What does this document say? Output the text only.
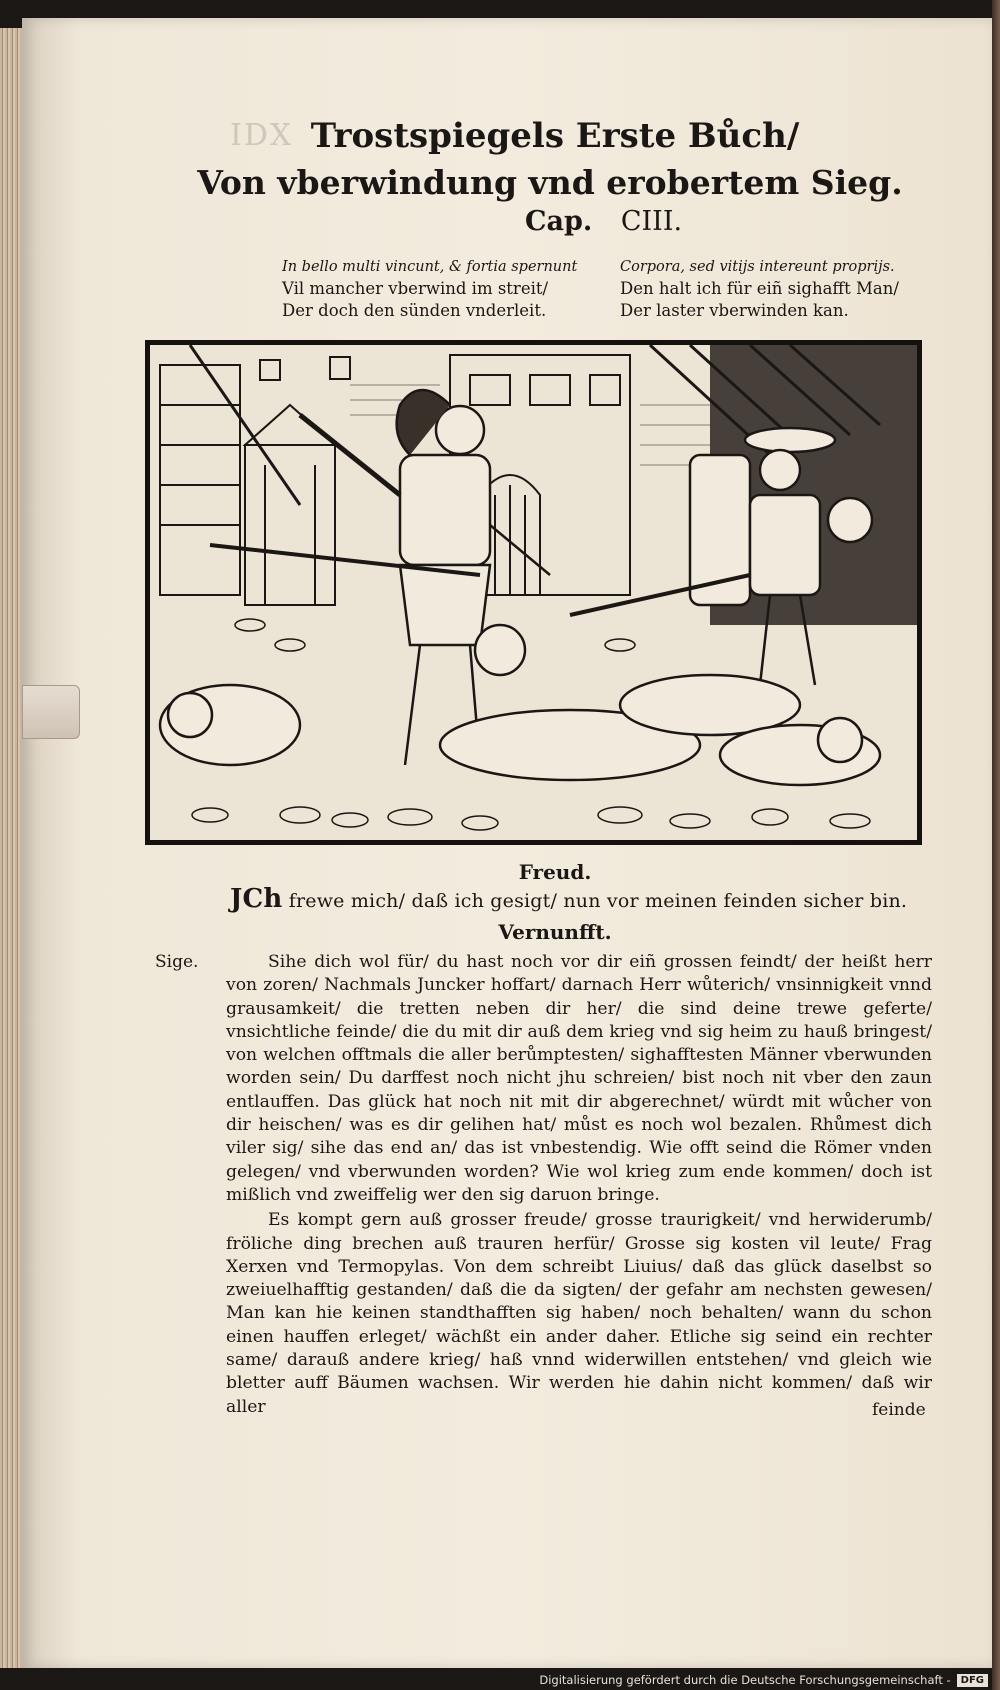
IDX Trostspiegels Erste Bůch/
Von vberwindung vnd erobertem Sieg.
Cap. CIII.
In bello multi vincunt, & fortia spernunt
Vil mancher vberwind im streit/
Der doch den sünden vnderleit.
Corpora, sed vitijs intereunt proprijs.
Den halt ich für eiñ sighafft Man/
Der laster vberwinden kan.
Freud.
JCh frewe mich/ daß ich gesigt/ nun vor meinen feinden sicher bin.
Vernunfft.
Sige.	Sihe dich wol für/ du hast noch vor dir eiñ grossen feindt/ der heißt herr von zoren/ Nachmals Juncker hoffart/ darnach Herr wůterich/ vnsinnigkeit vnnd grausamkeit/ die tretten neben dir her/ die sind deine trewe geferte/ vnsichtliche feinde/ die du mit dir auß dem krieg vnd sig heim zu hauß bringest/ von welchen offtmals die aller berůmptesten/ sighafftesten Männer vberwunden worden sein/ Du darffest noch nicht jhu schreien/ bist noch nit vber den zaun entlauffen. Das glück hat noch nit mit dir abgerechnet/ würdt mit wůcher von dir heischen/ was es dir gelihen hat/ můst es noch wol bezalen. Rhůmest dich viler sig/ sihe das end an/ das ist vnbestendig. Wie offt seind die Römer vnden gelegen/ vnd vberwunden worden? Wie wol krieg zum ende kommen/ doch ist mißlich vnd zweiffelig wer den sig daruon bringe.

Es kompt gern auß grosser freude/ grosse traurigkeit/ vnd herwiderumb/ fröliche ding brechen auß trauren herfür/ Grosse sig kosten vil leute/ Frag Xerxen vnd Termopylas. Von dem schreibt Liuius/ daß das glück daselbst so zweiuelhafftig gestanden/ daß die da sigten/ der gefahr am nechsten gewesen/ Man kan hie keinen standthafften sig haben/ noch behalten/ wann du schon einen hauffen erleget/ wächßt ein ander daher. Etliche sig seind ein rechter same/ darauß andere krieg/ haß vnnd widerwillen entstehen/ vnd gleich wie bletter auff Bäumen wachsen. Wir werden hie dahin nicht kommen/ daß wir aller	feinde
Digitalisierung gefördert durch die Deutsche Forschungsgemeinschaft -	DFG
